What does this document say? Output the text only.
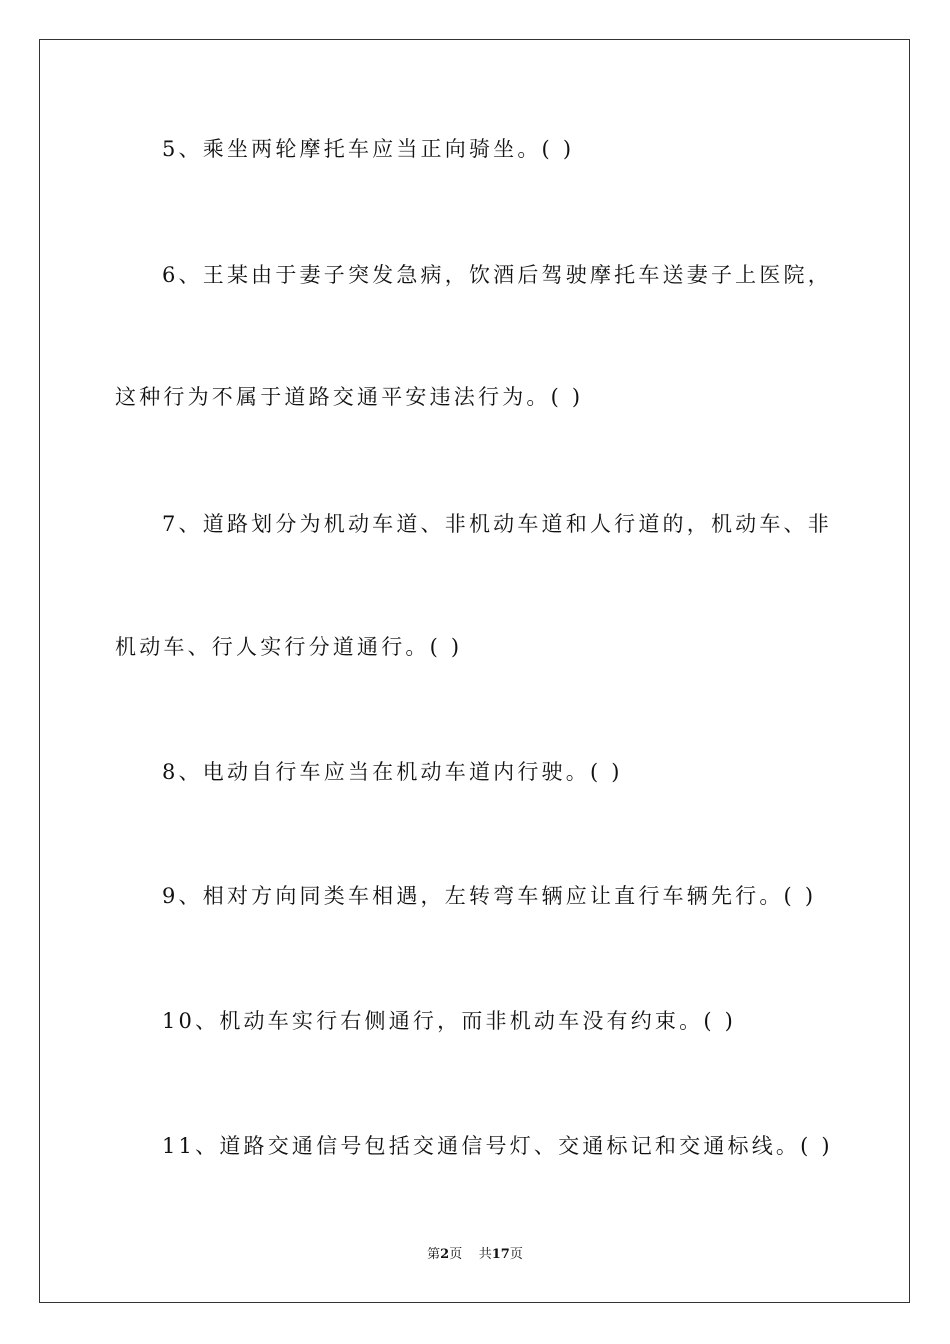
5、乘坐两轮摩托车应当正向骑坐。( )
6、王某由于妻子突发急病，饮酒后驾驶摩托车送妻子上医院，
这种行为不属于道路交通平安违法行为。( )
7、道路划分为机动车道、非机动车道和人行道的，机动车、非
机动车、行人实行分道通行。( )
8、电动自行车应当在机动车道内行驶。( )
9、相对方向同类车相遇，左转弯车辆应让直行车辆先行。( )
10、机动车实行右侧通行，而非机动车没有约束。( )
11、道路交通信号包括交通信号灯、交通标记和交通标线。( )
第2页 共17页
